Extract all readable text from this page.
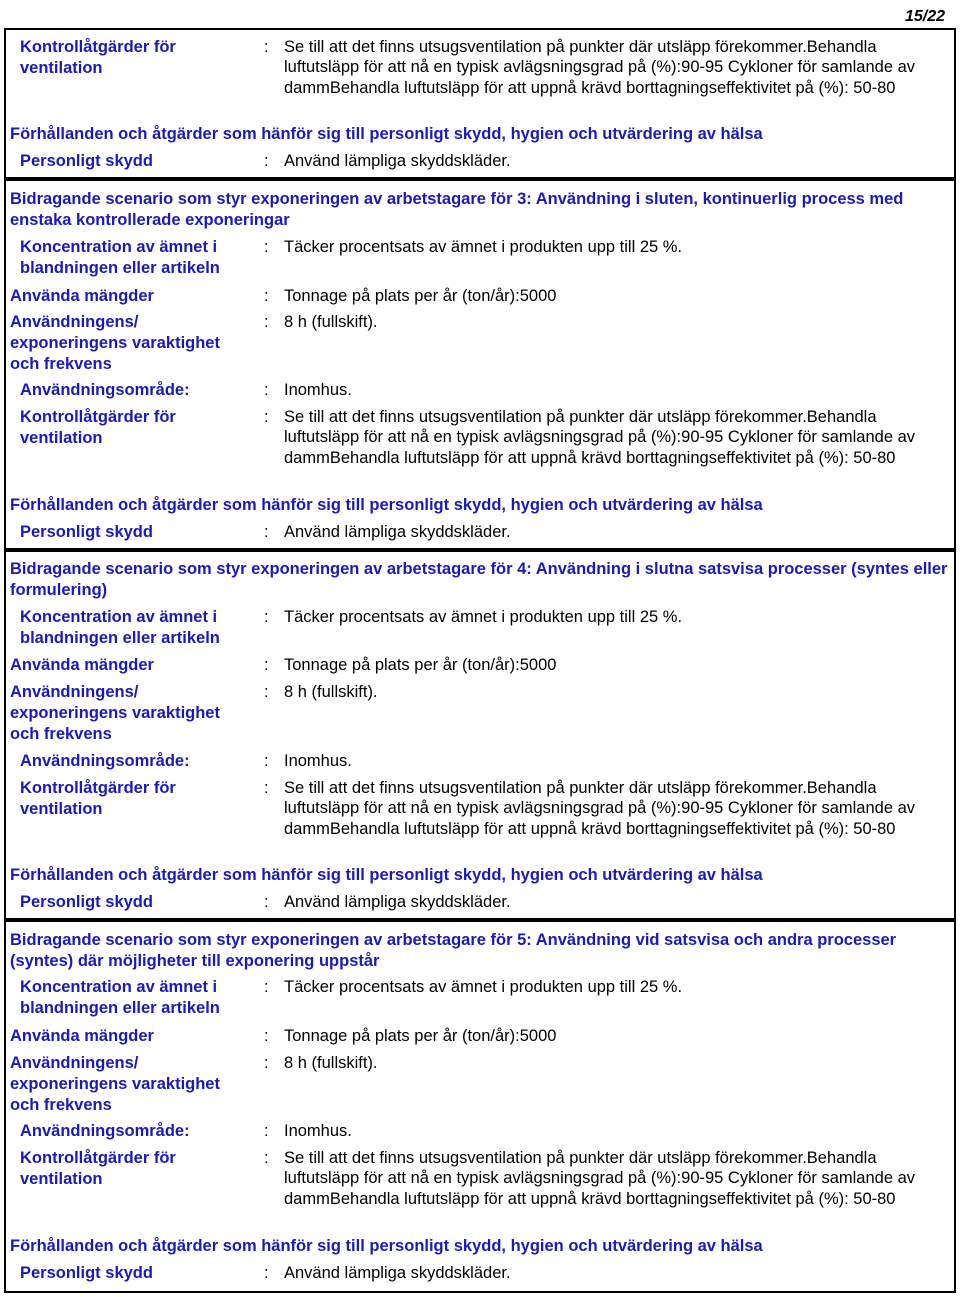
15/22
Kontrollåtgärder för ventilation
: Se till att det finns utsugsventilation på punkter där utsläpp förekommer.Behandla luftutsläpp för att nå en typisk avlägsningsgrad på (%):90-95 Cykloner för samlande av dammBehandla luftutsläpp för att uppnå krävd borttagningseffektivitet på (%): 50-80
Förhållanden och åtgärder som hänför sig till personligt skydd, hygien och utvärdering av hälsa
Personligt skydd	: Använd lämpliga skyddskläder.
Bidragande scenario som styr exponeringen av arbetstagare för 3: Användning i sluten, kontinuerlig process med enstaka kontrollerade exponeringar
Koncentration av ämnet i blandningen eller artikeln
: Täcker procentsats av ämnet i produkten upp till 25 %.
Använda mängder	: Tonnage på plats per år (ton/år):5000
Användningens/ exponeringens varaktighet och frekvens
: 8 h (fullskift).
Användningsområde:	: Inomhus.
Kontrollåtgärder för ventilation
: Se till att det finns utsugsventilation på punkter där utsläpp förekommer.Behandla luftutsläpp för att nå en typisk avlägsningsgrad på (%):90-95 Cykloner för samlande av dammBehandla luftutsläpp för att uppnå krävd borttagningseffektivitet på (%): 50-80
Förhållanden och åtgärder som hänför sig till personligt skydd, hygien och utvärdering av hälsa
Personligt skydd	: Använd lämpliga skyddskläder.
Bidragande scenario som styr exponeringen av arbetstagare för 4: Användning i slutna satsvisa processer (syntes eller formulering)
Koncentration av ämnet i blandningen eller artikeln
: Täcker procentsats av ämnet i produkten upp till 25 %.
Använda mängder	: Tonnage på plats per år (ton/år):5000
Användningens/ exponeringens varaktighet och frekvens
: 8 h (fullskift).
Användningsområde:	: Inomhus.
Kontrollåtgärder för ventilation
: Se till att det finns utsugsventilation på punkter där utsläpp förekommer.Behandla luftutsläpp för att nå en typisk avlägsningsgrad på (%):90-95 Cykloner för samlande av dammBehandla luftutsläpp för att uppnå krävd borttagningseffektivitet på (%): 50-80
Förhållanden och åtgärder som hänför sig till personligt skydd, hygien och utvärdering av hälsa
Personligt skydd	: Använd lämpliga skyddskläder.
Bidragande scenario som styr exponeringen av arbetstagare för 5: Användning vid satsvisa och andra processer (syntes) där möjligheter till exponering uppstår
Koncentration av ämnet i blandningen eller artikeln
: Täcker procentsats av ämnet i produkten upp till 25 %.
Använda mängder	: Tonnage på plats per år (ton/år):5000
Användningens/ exponeringens varaktighet och frekvens
: 8 h (fullskift).
Användningsområde:	: Inomhus.
Kontrollåtgärder för ventilation
: Se till att det finns utsugsventilation på punkter där utsläpp förekommer.Behandla luftutsläpp för att nå en typisk avlägsningsgrad på (%):90-95 Cykloner för samlande av dammBehandla luftutsläpp för att uppnå krävd borttagningseffektivitet på (%): 50-80
Förhållanden och åtgärder som hänför sig till personligt skydd, hygien och utvärdering av hälsa
Personligt skydd	: Använd lämpliga skyddskläder.
